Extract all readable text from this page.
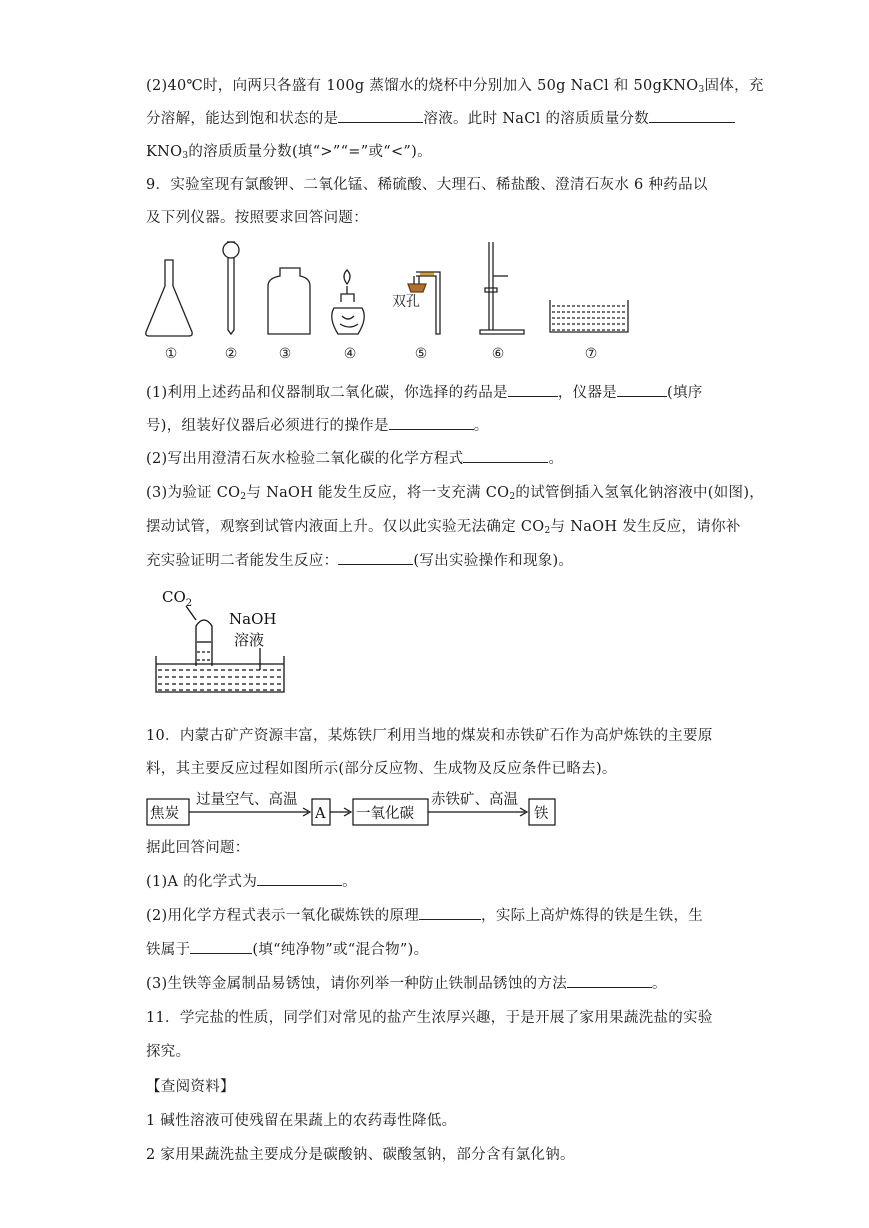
(2)40℃时，向两只各盛有 100g 蒸馏水的烧杯中分别加入 50g NaCl 和 50gKNO$_3$固体，充
分溶解，能达到饱和状态的是	溶液。此时 NaCl 的溶质质量分数
$KNO_3$的溶质质量分数(填“>”“=”或“<”)。
9．实验室现有氯酸钾、二氧化锰、稀硫酸、大理石、稀盐酸、澄清石灰水 6 种药品以
及下列仪器。按照要求回答问题：
双孔
①	②	③	④	⑤	⑥	⑦
(1)利用上述药品和仪器制取二氧化碳，你选择的药品是	，仪器是	(填序
号)，组装好仪器后必须进行的操作是	。
(2)写出用澄清石灰水检验二氧化碳的化学方程式	。
(3)为验证 $CO_2$与 NaOH 能发生反应，将一支充满 $CO_2$的试管倒插入氢氧化钠溶液中(如图)，
摆动试管，观察到试管内液面上升。仅以此实验无法确定 $CO_2$与 NaOH 发生反应，请你补
充实验证明二者能发生反应：	(写出实验操作和现象)。
$CO_2$
NaOH
溶液
10．内蒙古矿产资源丰富，某炼铁厂利用当地的煤炭和赤铁矿石作为高炉炼铁的主要原
料，其主要反应过程如图所示(部分反应物、生成物及反应条件已略去)。
焦炭	A 一氧化碳	铁
过量空气、高温	赤铁矿、高温
据此回答问题：
(1)A 的化学式为	。
(2)用化学方程式表示一氧化碳炼铁的原理	，实际上高炉炼得的铁是生铁，生
铁属于	(填“纯净物”或“混合物”)。
(3)生铁等金属制品易锈蚀，请你列举一种防止铁制品锈蚀的方法	。
11．学完盐的性质，同学们对常见的盐产生浓厚兴趣，于是开展了家用果蔬洗盐的实验
探究。
【查阅资料】
1 碱性溶液可使残留在果蔬上的农药毒性降低。
2 家用果蔬洗盐主要成分是碳酸钠、碳酸氢钠，部分含有氯化钠。
